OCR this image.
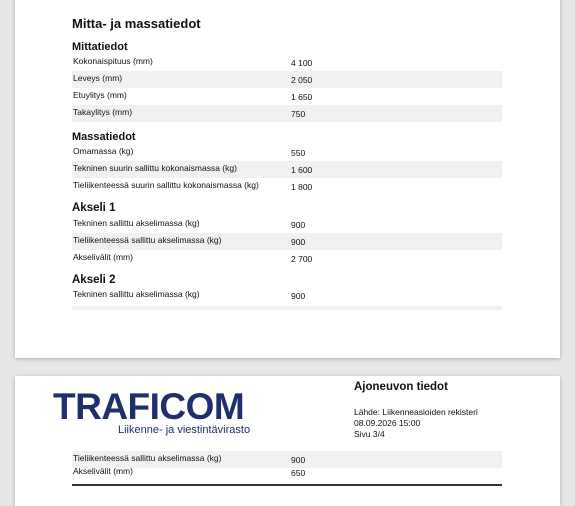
Mitta- ja massatiedot
Mittatiedot
Kokonaispituus (mm)	4 100
Leveys (mm)	2 050
Etuylitys (mm)	1 650
Takaylitys (mm)	750
Massatiedot
Omamassa (kg)	550
Tekninen suurin sallittu kokonaismassa (kg)	1 600
Tieliikenteessä suurin sallittu kokonaismassa (kg)	1 800
Akseli 1
Tekninen sallittu akselimassa (kg)	900
Tieliikenteessä sallittu akselimassa (kg)	900
Akselivälit (mm)	2 700
Akseli 2
Tekninen sallittu akselimassa (kg)	900
TRAFICOM
Liikenne- ja viestintävirasto
Ajoneuvon tiedot
Lähde: Liikenneasioiden rekisteri
08.09.2026 15:00
Sivu 3/4
Tieliikenteessä sallittu akselimassa (kg)	900
Akselivälit (mm)	650
